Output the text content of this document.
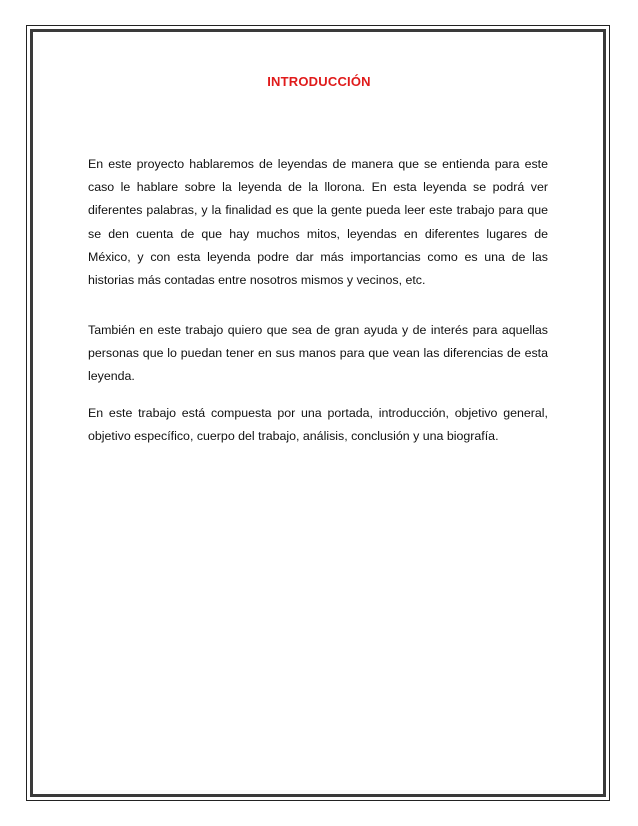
INTRODUCCIÓN

En este proyecto hablaremos de leyendas de manera que se entienda para este caso le hablare sobre la leyenda de la llorona. En esta leyenda se podrá ver diferentes palabras, y la finalidad es que la gente pueda leer este trabajo para que se den cuenta de que hay muchos mitos, leyendas en diferentes lugares de México, y con esta leyenda podre dar más importancias como es una de las historias más contadas entre nosotros mismos y vecinos, etc.

También en este trabajo quiero que sea de gran ayuda y de interés para aquellas personas que lo puedan tener en sus manos para que vean las diferencias de esta leyenda.

En este trabajo está compuesta por una portada, introducción, objetivo general, objetivo específico, cuerpo del trabajo, análisis, conclusión y una biografía.
